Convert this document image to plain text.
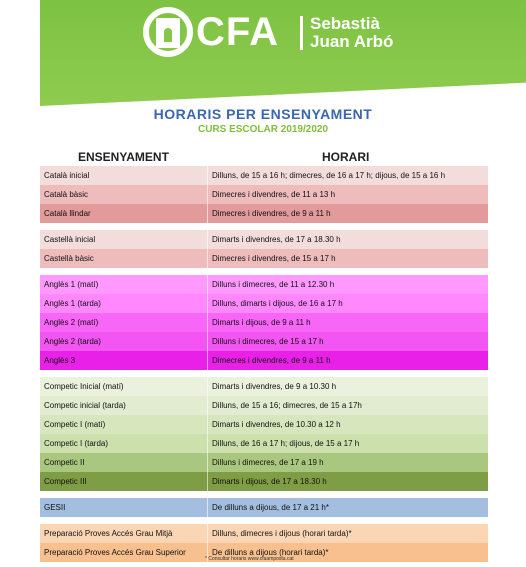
CFA Sebastià
Juan Arbó
HORARIS PER ENSENYAMENT
CURS ESCOLAR 2019/2020
ENSENYAMENT	HORARI
Català inicial	Dilluns, de 15 a 16 h; dimecres, de 16 a 17 h; dijous, de 15 a 16 h
Català bàsic	Dimecres i divendres, de 11 a 13 h
Català llindar	Dimecres i divendres, de 9 a 11 h
Castellà inicial	Dimarts i divendres, de 17 a 18.30 h
Castellà bàsic	Dimecres i divendres, de 15 a 17 h
Anglès 1 (matí)	Dilluns i dimecres, de 11 a 12.30 h
Anglès 1 (tarda)	Dilluns, dimarts i dijous, de 16 a 17 h
Anglès 2 (matí)	Dimarts i dijous, de 9 a 11 h
Anglès 2 (tarda)	Dilluns i dimecres, de 15 a 17 h
Anglès 3	Dimecres i divendres, de 9 a 11 h
Competic Inicial (matí)	Dimarts i divendres, de 9 a 10.30 h
Competic inicial (tarda)	Dilluns, de 15 a 16; dimecres, de 15 a 17h
Competic I (matí)	Dimarts i divendres, de 10.30 a 12 h
Competic I (tarda)	Dilluns, de 16 a 17 h; dijous, de 15 a 17 h
Competic II	Dilluns i dimecres, de 17 a 19 h
Competic III	Dimarts i dijous, de 17 a 18.30 h
GESII	De dilluns a dijous, de 17 a 21 h*
Preparació Proves Accés Grau Mitjà	Dilluns, dimecres i dijous (horari tarda)*
Preparació Proves Accés Grau Superior	De dilluns a dijous (horari tarda)*
* Consultar horaris www.cfaamposta.cat
